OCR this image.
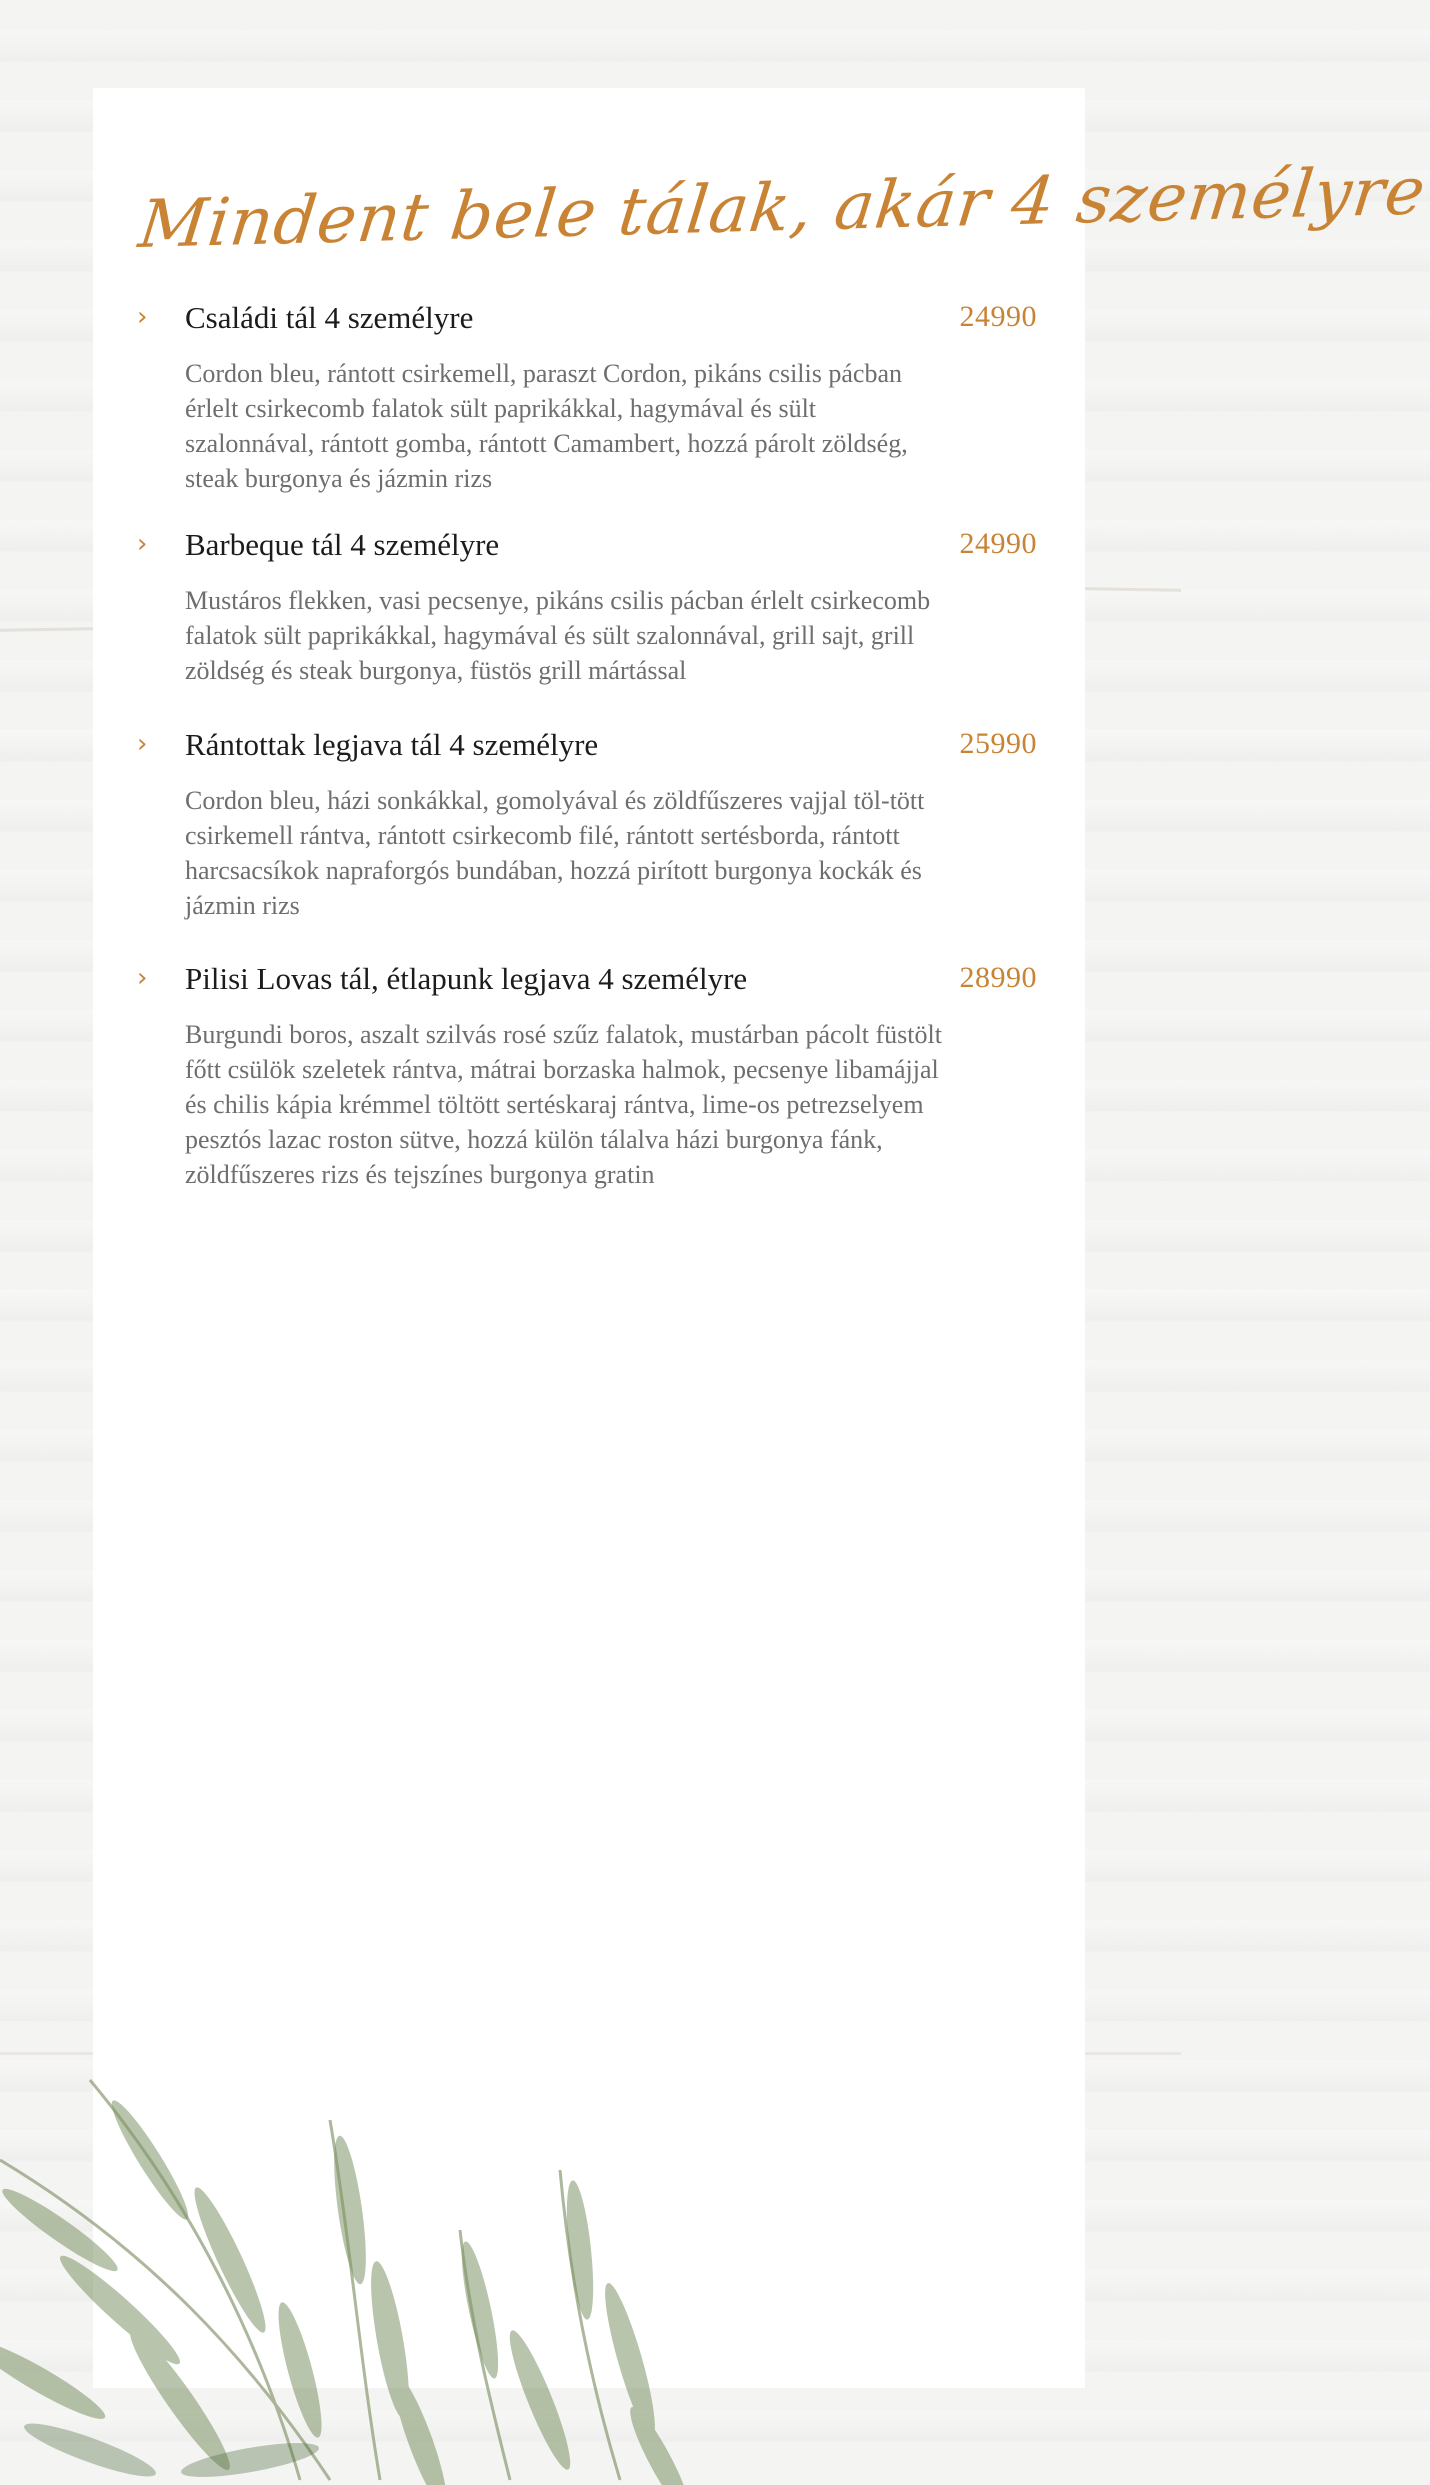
Mindent bele tálak, akár 4 személyre
› Családi tál 4 személyre	24990

Cordon bleu, rántott csirkemell, paraszt Cordon, pikáns csilis pácban érlelt csirkecomb falatok sült paprikákkal, hagymával és sült szalonnával, rántott gomba, rántott Camambert, hozzá párolt zöldség, steak burgonya és jázmin rizs

› Barbeque tál 4 személyre	24990

Mustáros flekken, vasi pecsenye, pikáns csilis pácban érlelt csirkecomb falatok sült paprikákkal, hagymával és sült szalonnával, grill sajt, grill zöldség és steak burgonya, füstös grill mártással

› Rántottak legjava tál 4 személyre	25990

Cordon bleu, házi sonkákkal, gomolyával és zöldfűszeres vajjal töl-tött csirkemell rántva, rántott csirkecomb filé, rántott sertésborda, rántott harcsacsíkok napraforgós bundában, hozzá pirított burgonya kockák és jázmin rizs

› Pilisi Lovas tál, étlapunk legjava 4 személyre	28990

Burgundi boros, aszalt szilvás rosé szűz falatok, mustárban pácolt füstölt főtt csülök szeletek rántva, mátrai borzaska halmok, pecsenye libamájjal és chilis kápia krémmel töltött sertéskaraj rántva, lime-os petrezselyem pesztós lazac roston sütve, hozzá külön tálalva házi burgonya fánk, zöldfűszeres rizs és tejszínes burgonya gratin
